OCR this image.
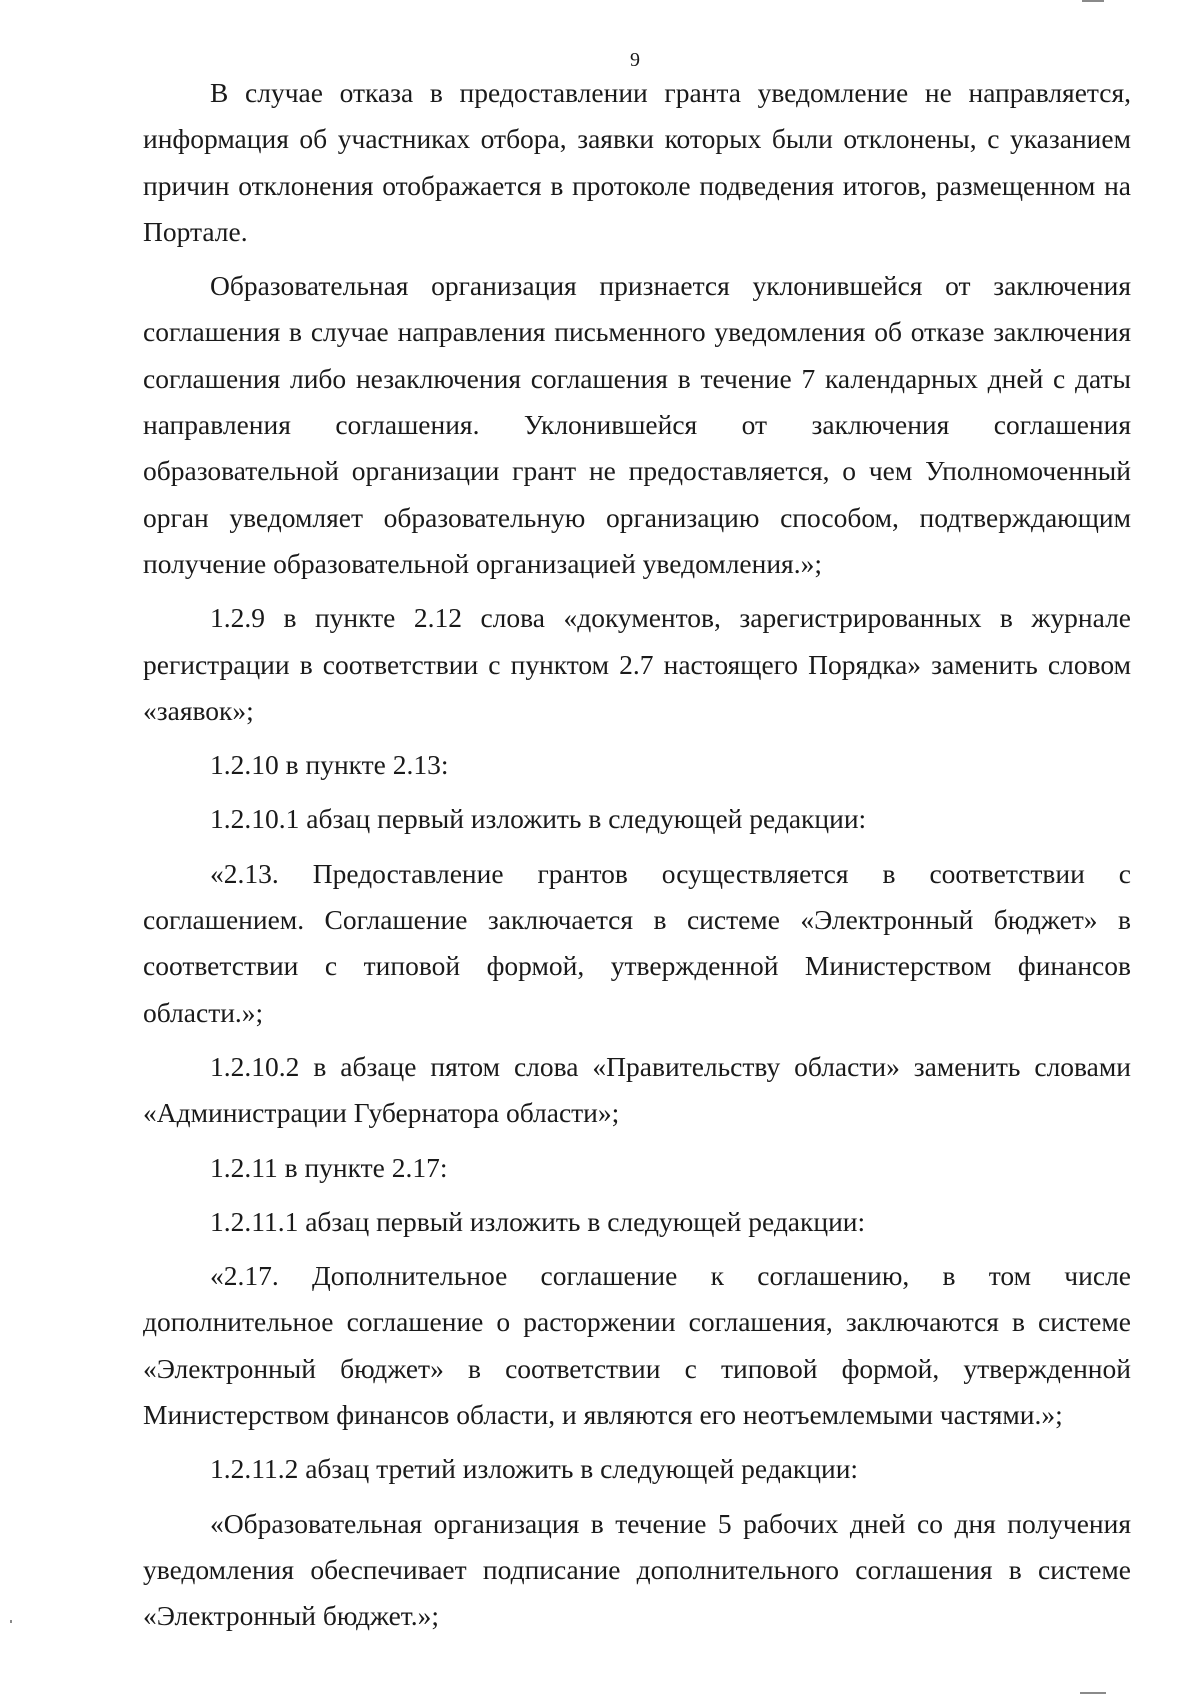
9

В случае отказа в предоставлении гранта уведомление не направляется, информация об участниках отбора, заявки которых были отклонены, с указанием причин отклонения отображается в протоколе подведения итогов, размещенном на Портале.

Образовательная организация признается уклонившейся от заключения соглашения в случае направления письменного уведомления об отказе заключения соглашения либо незаключения соглашения в течение 7 календарных дней с даты направления соглашения. Уклонившейся от заключения соглашения образовательной организации грант не предоставляется, о чем Уполномоченный орган уведомляет образовательную организацию способом, подтверждающим получение образовательной организацией уведомления.»;

1.2.9 в пункте 2.12 слова «документов, зарегистрированных в журнале регистрации в соответствии с пунктом 2.7 настоящего Порядка» заменить словом «заявок»;

1.2.10 в пункте 2.13:

1.2.10.1 абзац первый изложить в следующей редакции:

«2.13. Предоставление грантов осуществляется в соответствии с соглашением. Соглашение заключается в системе «Электронный бюджет» в соответствии с типовой формой, утвержденной Министерством финансов области.»;

1.2.10.2 в абзаце пятом слова «Правительству области» заменить словами «Администрации Губернатора области»;

1.2.11 в пункте 2.17:

1.2.11.1 абзац первый изложить в следующей редакции:

«2.17. Дополнительное соглашение к соглашению, в том числе дополнительное соглашение о расторжении соглашения, заключаются в системе «Электронный бюджет» в соответствии с типовой формой, утвержденной Министерством финансов области, и являются его неотъемлемыми частями.»;

1.2.11.2 абзац третий изложить в следующей редакции:

«Образовательная организация в течение 5 рабочих дней со дня получения уведомления обеспечивает подписание дополнительного соглашения в системе «Электронный бюджет.»;
